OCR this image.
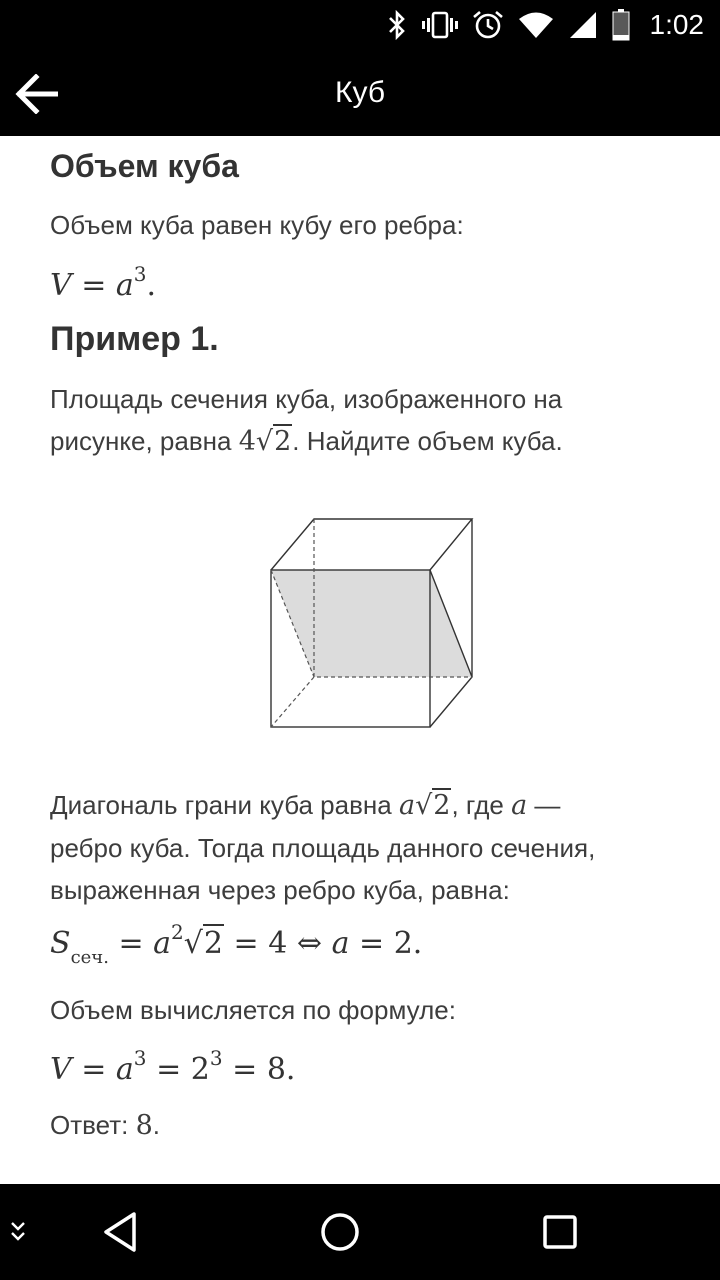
1:02
Куб
Объем куба

Объем куба равен кубу его ребра:

$V = a^3$.
Пример 1.

Площадь сечения куба, изображенного на
рисунке, равна 4√2. Найдите объем куба.

Диагональ грани куба равна a√2, где a —
ребро куба. Тогда площадь данного сечения,
выраженная через ребро куба, равна:

$S_{сеч.} = a^2√2 = 4$ ⇔ a = 2.

Объем вычисляется по формуле:

$V = a^3 = 2^3 = 8$.

Ответ: 8.
